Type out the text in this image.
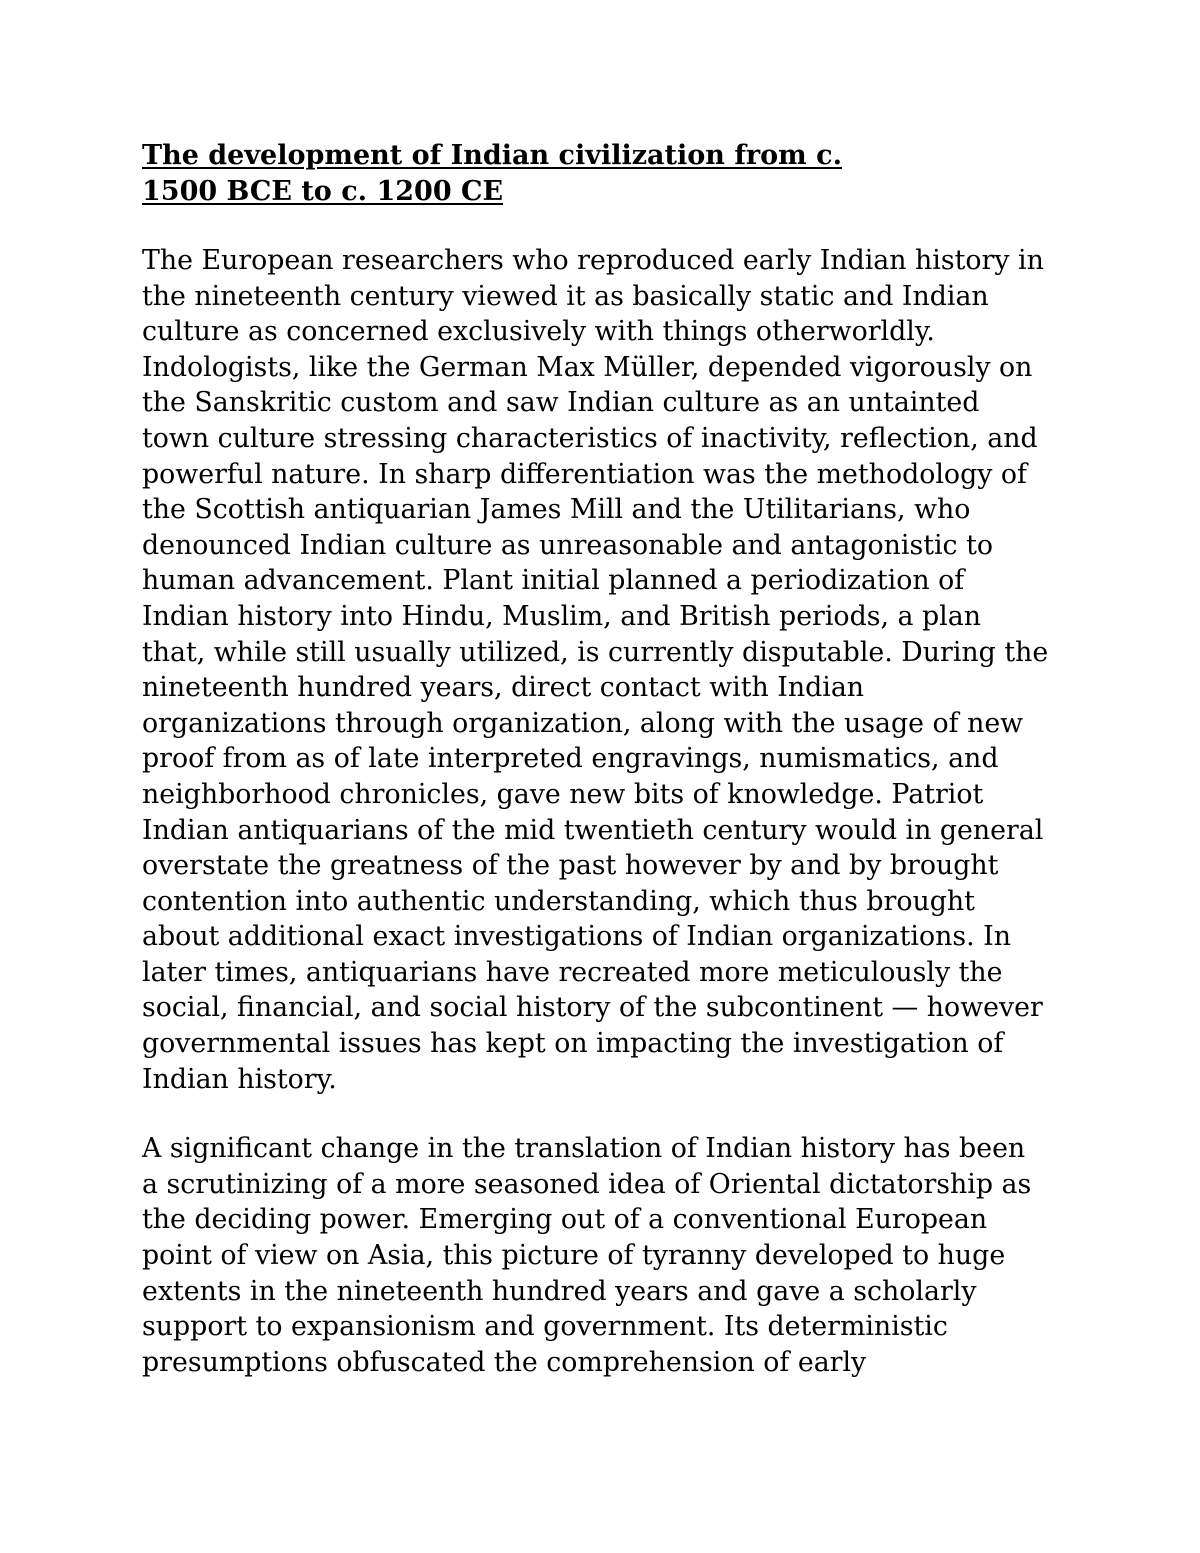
The development of Indian civilization from c.
1500 BCE to c. 1200 CE

The European researchers who reproduced early Indian history in
the nineteenth century viewed it as basically static and Indian
culture as concerned exclusively with things otherworldly.
Indologists, like the German Max Müller, depended vigorously on
the Sanskritic custom and saw Indian culture as an untainted
town culture stressing characteristics of inactivity, reflection, and
powerful nature. In sharp differentiation was the methodology of
the Scottish antiquarian James Mill and the Utilitarians, who
denounced Indian culture as unreasonable and antagonistic to
human advancement. Plant initial planned a periodization of
Indian history into Hindu, Muslim, and British periods, a plan
that, while still usually utilized, is currently disputable. During the
nineteenth hundred years, direct contact with Indian
organizations through organization, along with the usage of new
proof from as of late interpreted engravings, numismatics, and
neighborhood chronicles, gave new bits of knowledge. Patriot
Indian antiquarians of the mid twentieth century would in general
overstate the greatness of the past however by and by brought
contention into authentic understanding, which thus brought
about additional exact investigations of Indian organizations. In
later times, antiquarians have recreated more meticulously the
social, financial, and social history of the subcontinent — however
governmental issues has kept on impacting the investigation of
Indian history.

A significant change in the translation of Indian history has been
a scrutinizing of a more seasoned idea of Oriental dictatorship as
the deciding power. Emerging out of a conventional European
point of view on Asia, this picture of tyranny developed to huge
extents in the nineteenth hundred years and gave a scholarly
support to expansionism and government. Its deterministic
presumptions obfuscated the comprehension of early
